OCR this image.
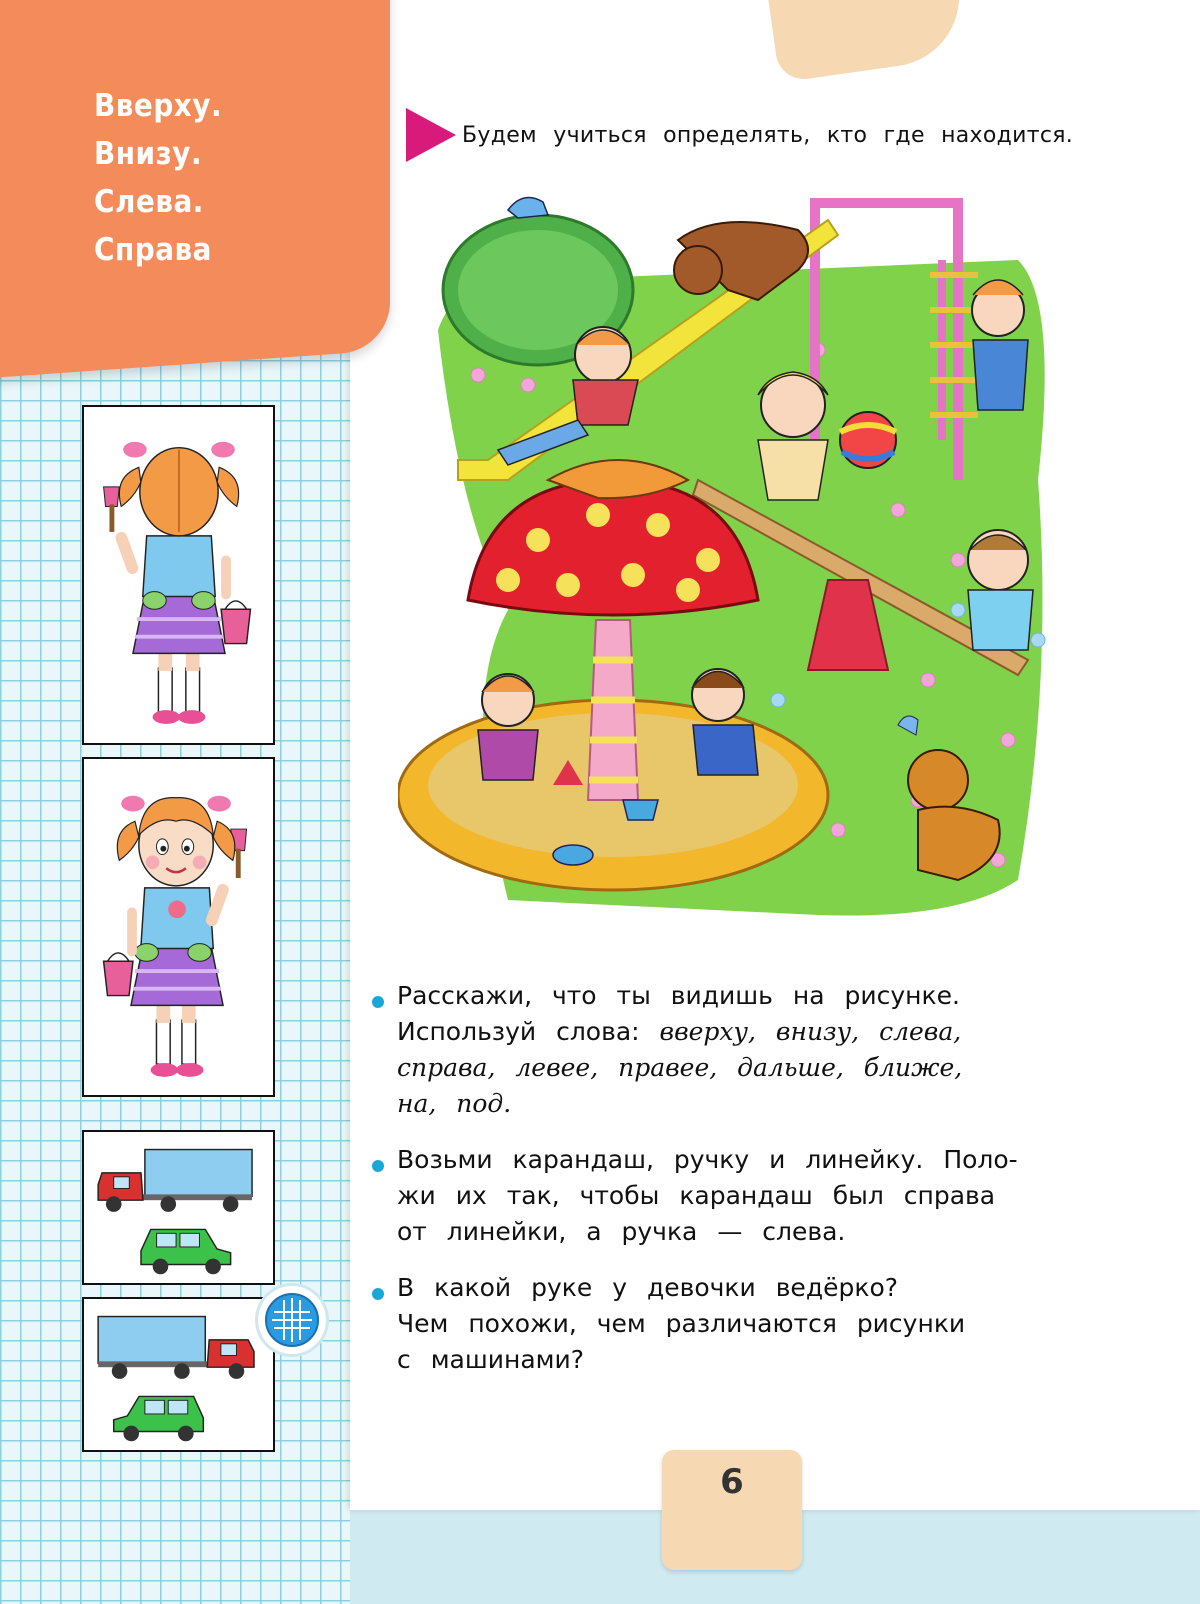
Вверху.
Внизу.
Слева.
Справа
Будем учиться определять, кто где находится.

Расскажи, что ты видишь на рисунке.

Используй слова: вверху, внизу, слева,

справа, левее, правее, дальше, ближе,

на, под.

Возьми карандаш, ручку и линейку. Поло-

жи их так, чтобы карандаш был справа

от линейки, а ручка — слева.

В какой руке у девочки ведёрко?

Чем похожи, чем различаются рисунки

с машинами?

6
